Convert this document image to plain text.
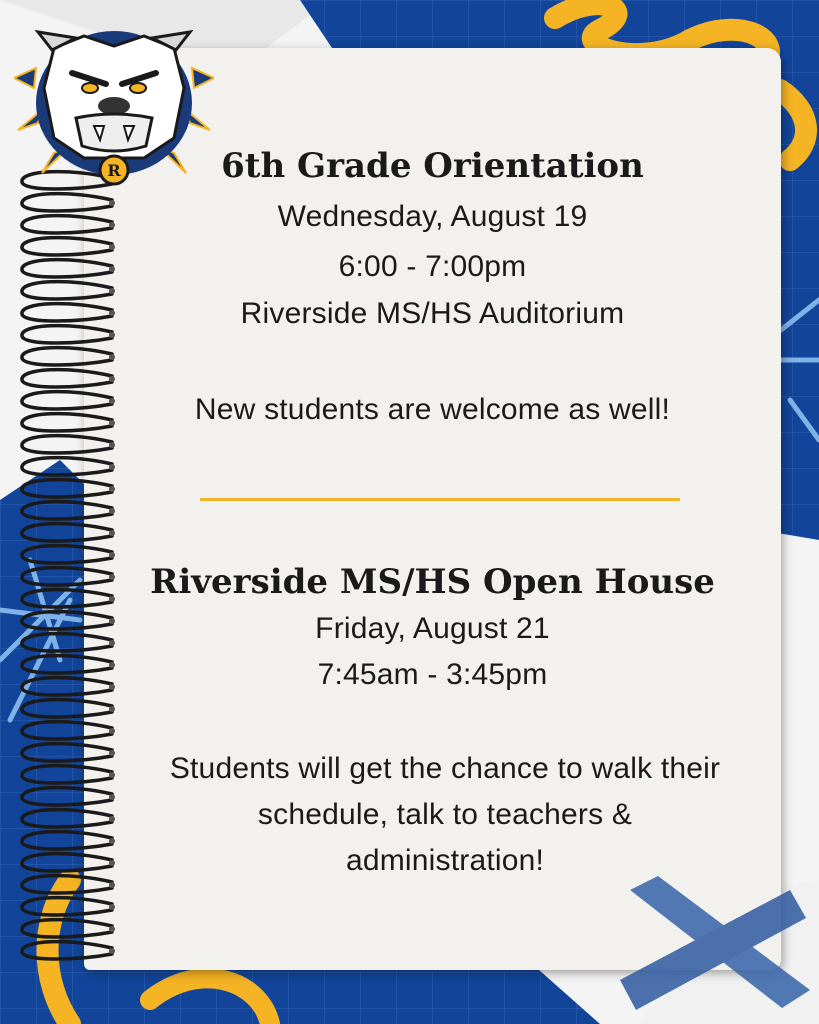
R	6th Grade Orientation

Wednesday, August 19

6:00 - 7:00pm

Riverside MS/HS Auditorium

New students are welcome as well!

Riverside MS/HS Open House

Friday, August 21

7:45am - 3:45pm

Students will get the chance to walk their

schedule, talk to teachers &

administration!
